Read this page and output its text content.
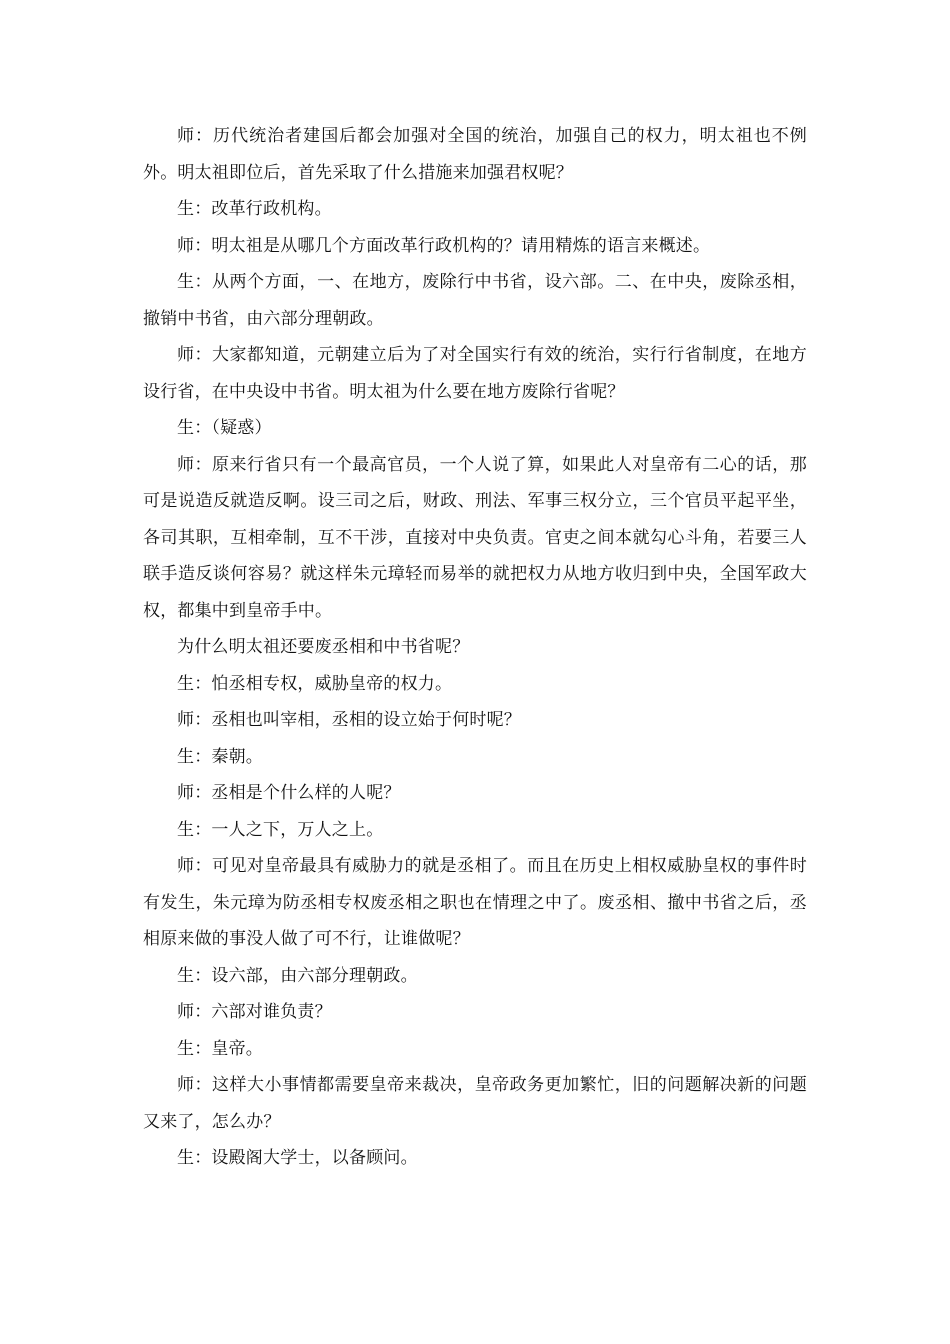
师：历代统治者建国后都会加强对全国的统治，加强自己的权力，明太祖也不例外。明太祖即位后，首先采取了什么措施来加强君权呢？

生：改革行政机构。

师：明太祖是从哪几个方面改革行政机构的？请用精炼的语言来概述。

生：从两个方面，一、在地方，废除行中书省，设六部。二、在中央，废除丞相，撤销中书省，由六部分理朝政。

师：大家都知道，元朝建立后为了对全国实行有效的统治，实行行省制度，在地方设行省，在中央设中书省。明太祖为什么要在地方废除行省呢？

生：（疑惑）

师：原来行省只有一个最高官员，一个人说了算，如果此人对皇帝有二心的话，那可是说造反就造反啊。设三司之后，财政、刑法、军事三权分立，三个官员平起平坐，各司其职，互相牵制，互不干涉，直接对中央负责。官吏之间本就勾心斗角，若要三人联手造反谈何容易？就这样朱元璋轻而易举的就把权力从地方收归到中央，全国军政大权，都集中到皇帝手中。

为什么明太祖还要废丞相和中书省呢？

生：怕丞相专权，威胁皇帝的权力。

师：丞相也叫宰相，丞相的设立始于何时呢？

生：秦朝。

师：丞相是个什么样的人呢？

生：一人之下，万人之上。

师：可见对皇帝最具有威胁力的就是丞相了。而且在历史上相权威胁皇权的事件时有发生，朱元璋为防丞相专权废丞相之职也在情理之中了。废丞相、撤中书省之后，丞相原来做的事没人做了可不行，让谁做呢？

生：设六部，由六部分理朝政。

师：六部对谁负责？

生：皇帝。

师：这样大小事情都需要皇帝来裁决，皇帝政务更加繁忙，旧的问题解决新的问题又来了，怎么办？

生：设殿阁大学士，以备顾问。
